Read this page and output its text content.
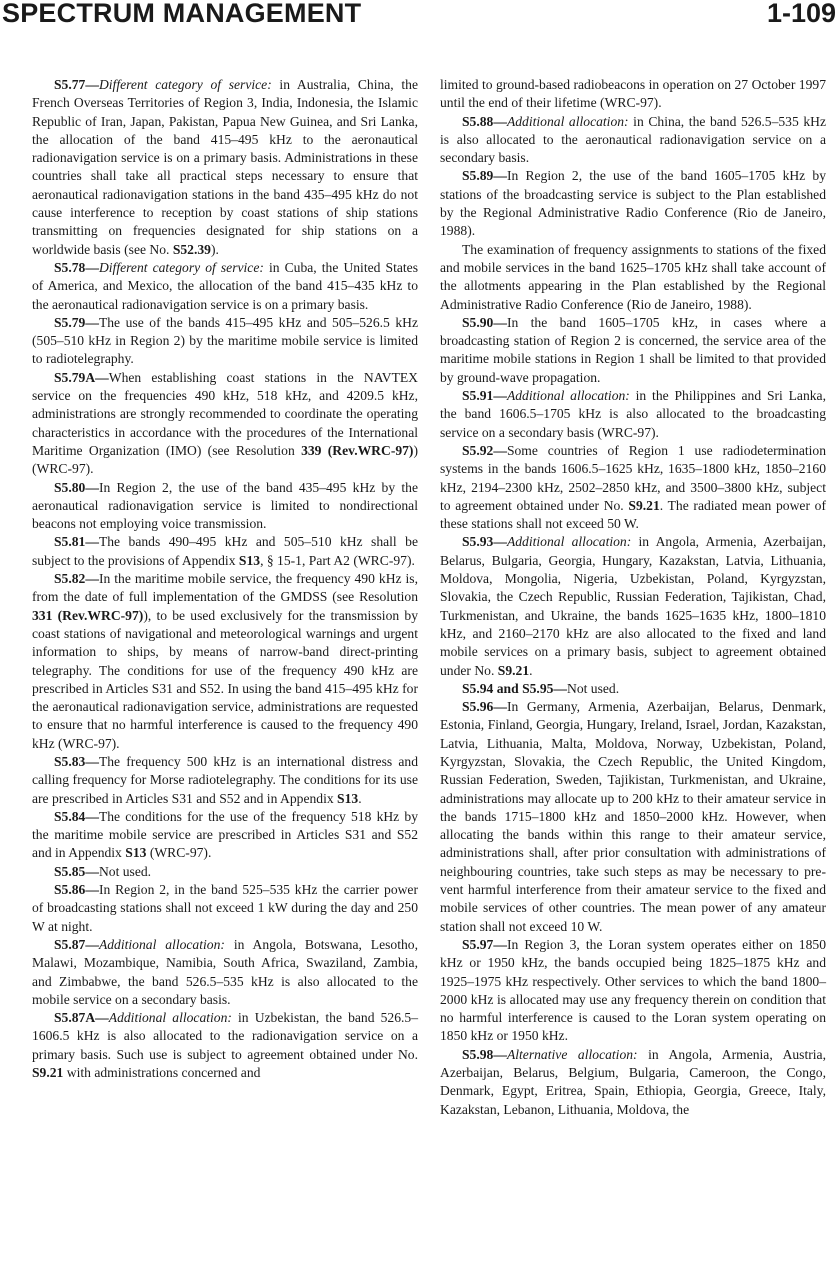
SPECTRUM MANAGEMENT	1-109

S5.77—Different category of service: in Australia, China, the French Overseas Territories of Region 3, India, Indonesia, the Islamic Republic of Iran, Japan, Pakistan, Papua New Guinea, and Sri Lanka, the allocation of the band 415–495 kHz to the aeronautical radionavigation service is on a primary basis. Administrations in these countries shall take all practical steps necessary to ensure that aeronautical radionavigation stations in the band 435–495 kHz do not cause interference to reception by coast stations of ship stations transmitting on frequencies designated for ship stations on a worldwide basis (see No. S52.39).

S5.78—Different category of service: in Cuba, the United States of America, and Mexico, the allocation of the band 415–435 kHz to the aeronautical radionavigation service is on a primary basis.

S5.79—The use of the bands 415–495 kHz and 505–526.5 kHz (505–510 kHz in Region 2) by the maritime mobile service is limited to radiotelegraphy.

S5.79A—When establishing coast stations in the NAVTEX service on the frequencies 490 kHz, 518 kHz, and 4209.5 kHz, administrations are strongly recommended to coordinate the operating characteristics in accordance with the procedures of the International Maritime Organization (IMO) (see Resolution 339 (Rev.WRC-97)) (WRC-97).

S5.80—In Region 2, the use of the band 435–495 kHz by the aeronautical radionavigation service is limited to nondirectional beacons not employing voice transmission.

S5.81—The bands 490–495 kHz and 505–510 kHz shall be subject to the provisions of Appendix S13, § 15-1, Part A2 (WRC-97).

S5.82—In the maritime mobile service, the frequency 490 kHz is, from the date of full implementation of the GMDSS (see Resolution 331 (Rev.WRC-97)), to be used exclusively for the transmission by coast stations of navigational and meteorological warnings and urgent information to ships, by means of narrow-band direct-printing telegraphy. The conditions for use of the frequency 490 kHz are prescribed in Articles S31 and S52. In using the band 415–495 kHz for the aeronautical radionavigation service, administrations are requested to ensure that no harmful interference is caused to the frequency 490 kHz (WRC-97).

S5.83—The frequency 500 kHz is an international distress and calling frequency for Morse radiotelegraphy. The conditions for its use are prescribed in Articles S31 and S52 and in Appendix S13.

S5.84—The conditions for the use of the frequency 518 kHz by the maritime mobile service are prescribed in Articles S31 and S52 and in Appendix S13 (WRC-97).

S5.85—Not used.

S5.86—In Region 2, in the band 525–535 kHz the carrier power of broadcasting stations shall not exceed 1 kW during the day and 250 W at night.

S5.87—Additional allocation: in Angola, Botswana, Lesotho, Malawi, Mozambique, Namibia, South Africa, Swaziland, Zambia, and Zimbabwe, the band 526.5–535 kHz is also allocated to the mobile service on a secondary basis.

S5.87A—Additional allocation: in Uzbekistan, the band 526.5–1606.5 kHz is also allocated to the radionavigation service on a primary basis. Such use is subject to agreement obtained under No. S9.21 with administrations concerned and

limited to ground-based radiobeacons in operation on 27 October 1997 until the end of their lifetime (WRC-97).

S5.88—Additional allocation: in China, the band 526.5–535 kHz is also allocated to the aeronautical radionavigation service on a secondary basis.

S5.89—In Region 2, the use of the band 1605–1705 kHz by stations of the broadcasting service is subject to the Plan established by the Regional Administrative Radio Conference (Rio de Janeiro, 1988).

The examination of frequency assignments to stations of the fixed and mobile services in the band 1625–1705 kHz shall take account of the allotments appearing in the Plan established by the Regional Administrative Radio Conference (Rio de Janeiro, 1988).

S5.90—In the band 1605–1705 kHz, in cases where a broadcasting station of Region 2 is concerned, the service area of the maritime mobile stations in Region 1 shall be limited to that provided by ground-wave propagation.

S5.91—Additional allocation: in the Philippines and Sri Lanka, the band 1606.5–1705 kHz is also allocated to the broadcasting service on a secondary basis (WRC-97).

S5.92—Some countries of Region 1 use radiodetermination systems in the bands 1606.5–1625 kHz, 1635–1800 kHz, 1850–2160 kHz, 2194–2300 kHz, 2502–2850 kHz, and 3500–3800 kHz, subject to agreement obtained under No. S9.21. The radiated mean power of these stations shall not exceed 50 W.

S5.93—Additional allocation: in Angola, Armenia, Azerbaijan, Belarus, Bulgaria, Georgia, Hungary, Kazakstan, Latvia, Lithuania, Moldova, Mongolia, Nigeria, Uzbekistan, Poland, Kyrgyzstan, Slovakia, the Czech Republic, Russian Federation, Tajikistan, Chad, Turkmenistan, and Ukraine, the bands 1625–1635 kHz, 1800–1810 kHz, and 2160–2170 kHz are also allocated to the fixed and land mobile services on a primary basis, subject to agreement obtained under No. S9.21.

S5.94 and S5.95—Not used.

S5.96—In Germany, Armenia, Azerbaijan, Belarus, Denmark, Estonia, Finland, Georgia, Hungary, Ireland, Israel, Jordan, Kazakstan, Latvia, Lithuania, Malta, Moldova, Norway, Uzbekistan, Poland, Kyrgyzstan, Slovakia, the Czech Republic, the United Kingdom, Russian Federation, Sweden, Tajikistan, Turkmenistan, and Ukraine, administrations may allocate up to 200 kHz to their amateur service in the bands 1715–1800 kHz and 1850–2000 kHz. However, when allocating the bands within this range to their amateur service, administrations shall, after prior consultation with administrations of neighbouring countries, take such steps as may be necessary to prevent harmful interference from their amateur service to the fixed and mobile services of other countries. The mean power of any amateur station shall not exceed 10 W.

S5.97—In Region 3, the Loran system operates either on 1850 kHz or 1950 kHz, the bands occupied being 1825–1875 kHz and 1925–1975 kHz respectively. Other services to which the band 1800–2000 kHz is allocated may use any frequency therein on condition that no harmful interference is caused to the Loran system operating on 1850 kHz or 1950 kHz.

S5.98—Alternative allocation: in Angola, Armenia, Austria, Azerbaijan, Belarus, Belgium, Bulgaria, Cameroon, the Congo, Denmark, Egypt, Eritrea, Spain, Ethiopia, Georgia, Greece, Italy, Kazakstan, Lebanon, Lithuania, Moldova, the
